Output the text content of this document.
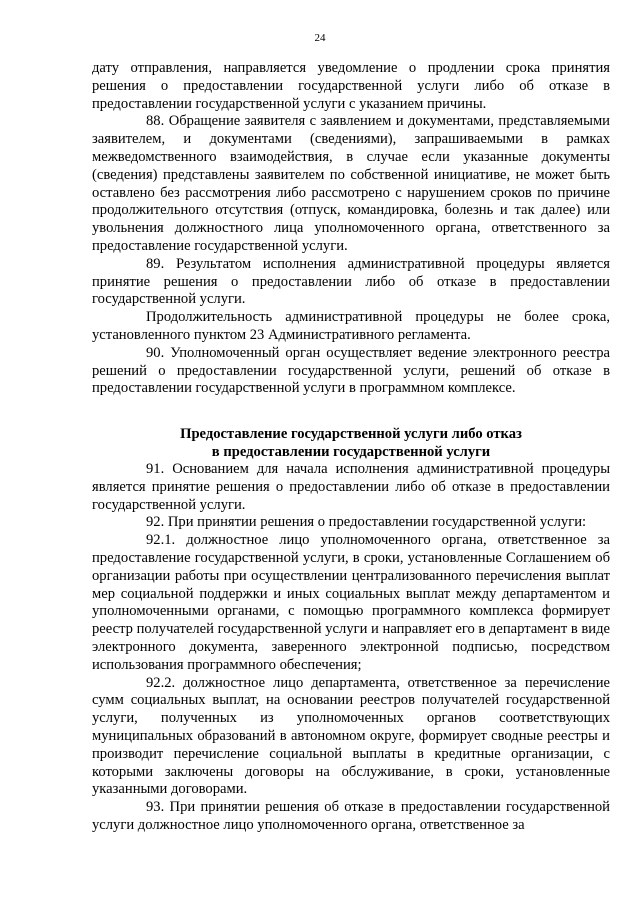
24

дату отправления, направляется уведомление о продлении срока принятия решения о предоставлении государственной услуги либо об отказе в предоставлении государственной услуги с указанием причины.

88. Обращение заявителя с заявлением и документами, представляемыми заявителем, и документами (сведениями), запрашиваемыми в рамках межведомственного взаимодействия, в случае если указанные документы (сведения) представлены заявителем по собственной инициативе, не может быть оставлено без рассмотрения либо рассмотрено с нарушением сроков по причине продолжительного отсутствия (отпуск, командировка, болезнь и так далее) или увольнения должностного лица уполномоченного органа, ответственного за предоставление государственной услуги.

89. Результатом исполнения административной процедуры является принятие решения о предоставлении либо об отказе в предоставлении государственной услуги.

Продолжительность административной процедуры не более срока, установленного пунктом 23 Административного регламента.

90. Уполномоченный орган осуществляет ведение электронного реестра решений о предоставлении государственной услуги, решений об отказе в предоставлении государственной услуги в программном комплексе.

Предоставление государственной услуги либо отказ
в предоставлении государственной услуги

91. Основанием для начала исполнения административной процедуры является принятие решения о предоставлении либо об отказе в предоставлении государственной услуги.

92. При принятии решения о предоставлении государственной услуги:

92.1. должностное лицо уполномоченного органа, ответственное за предоставление государственной услуги, в сроки, установленные Соглашением об организации работы при осуществлении централизованного перечисления выплат мер социальной поддержки и иных социальных выплат между департаментом и уполномоченными органами, с помощью программного комплекса формирует реестр получателей государственной услуги и направляет его в департамент в виде электронного документа, заверенного электронной подписью, посредством использования программного обеспечения;

92.2. должностное лицо департамента, ответственное за перечисление сумм социальных выплат, на основании реестров получателей государственной услуги, полученных из уполномоченных органов соответствующих муниципальных образований в автономном округе, формирует сводные реестры и производит перечисление социальной выплаты в кредитные организации, с которыми заключены договоры на обслуживание, в сроки, установленные указанными договорами.

93. При принятии решения об отказе в предоставлении государственной услуги должностное лицо уполномоченного органа, ответственное за
